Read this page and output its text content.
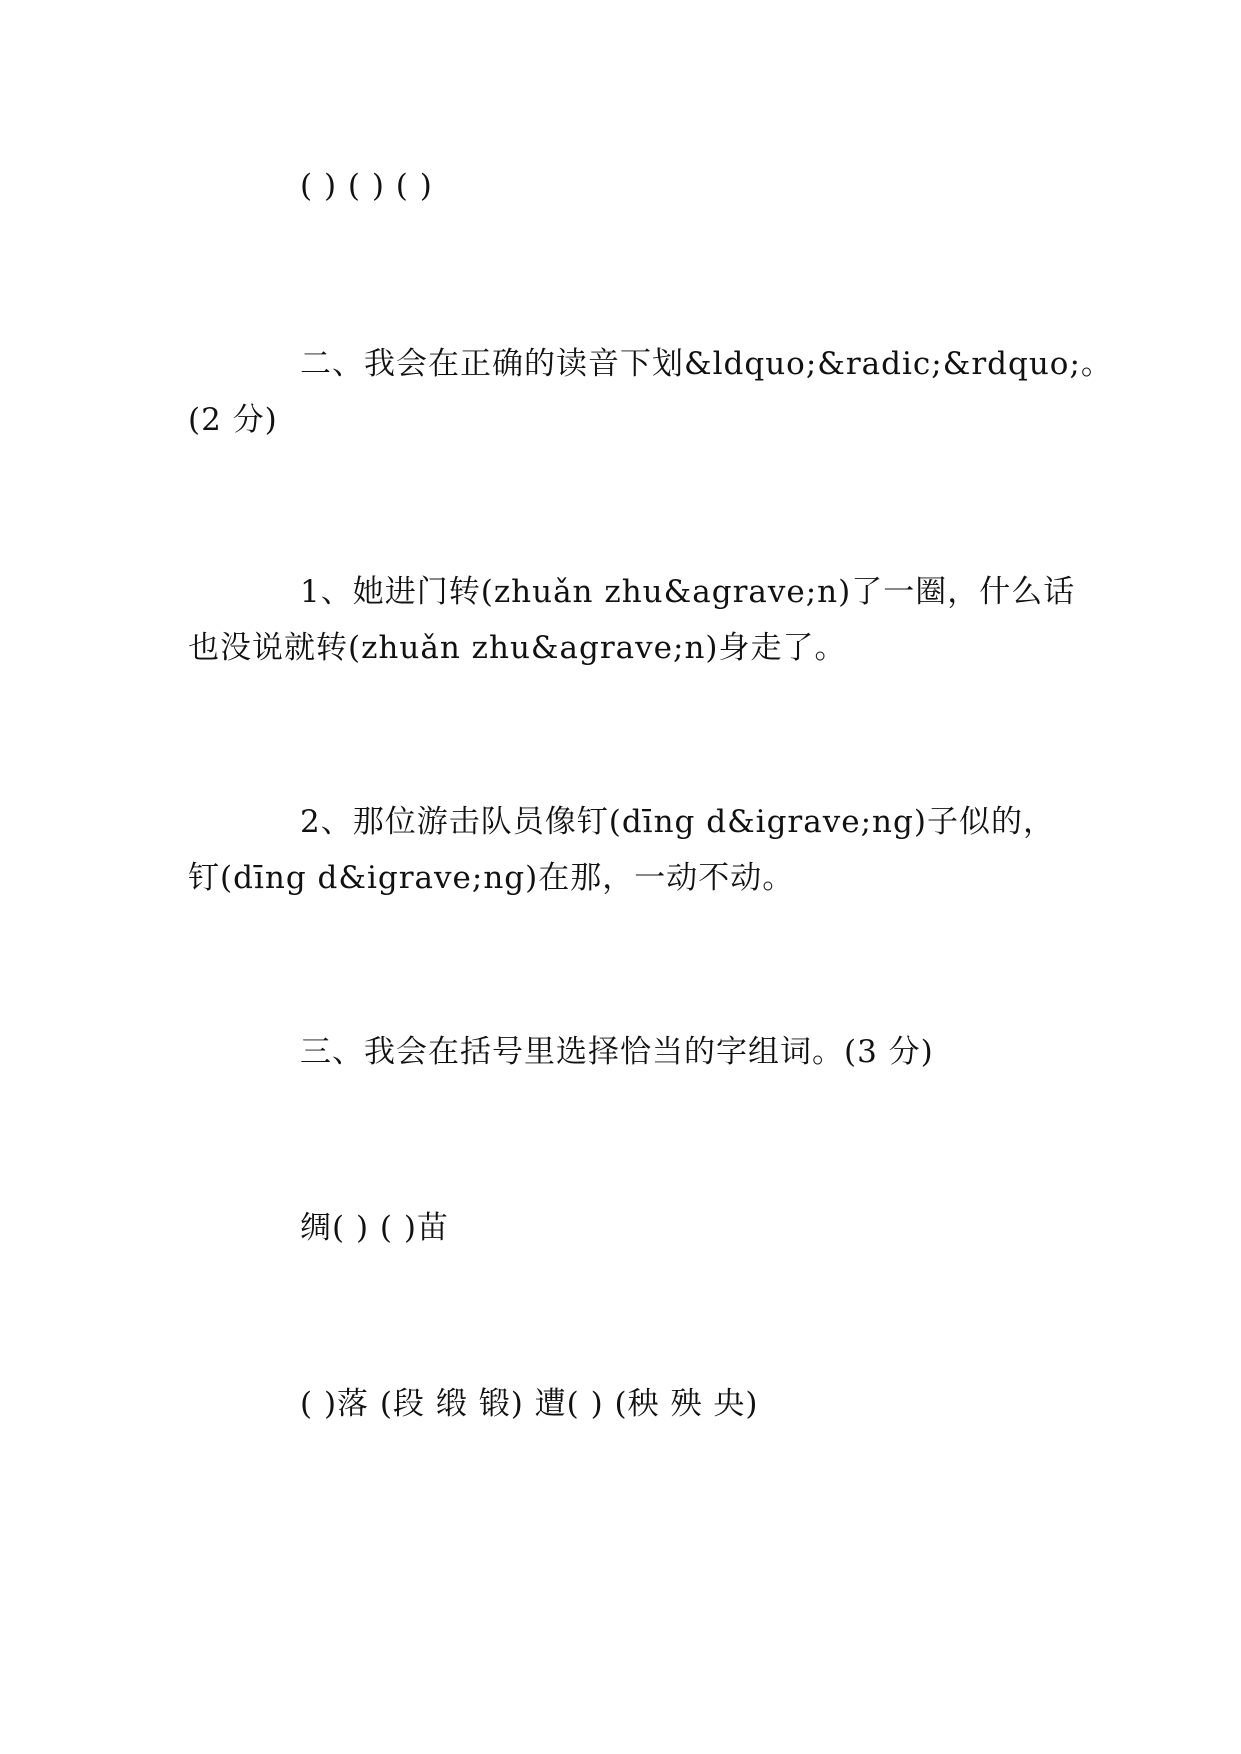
( ) ( ) ( )
二、我会在正确的读音下划&ldquo;&radic;&rdquo;。
(2 分)
1、她进门转(zhuǎn zhu&agrave;n)了一圈，什么话
也没说就转(zhuǎn zhu&agrave;n)身走了。
2、那位游击队员像钉(dīng d&igrave;ng)子似的，
钉(dīng d&igrave;ng)在那，一动不动。
三、我会在括号里选择恰当的字组词。(3 分)
绸( ) ( )苗
( )落 (段 缎 锻) 遭( ) (秧 殃 央)
